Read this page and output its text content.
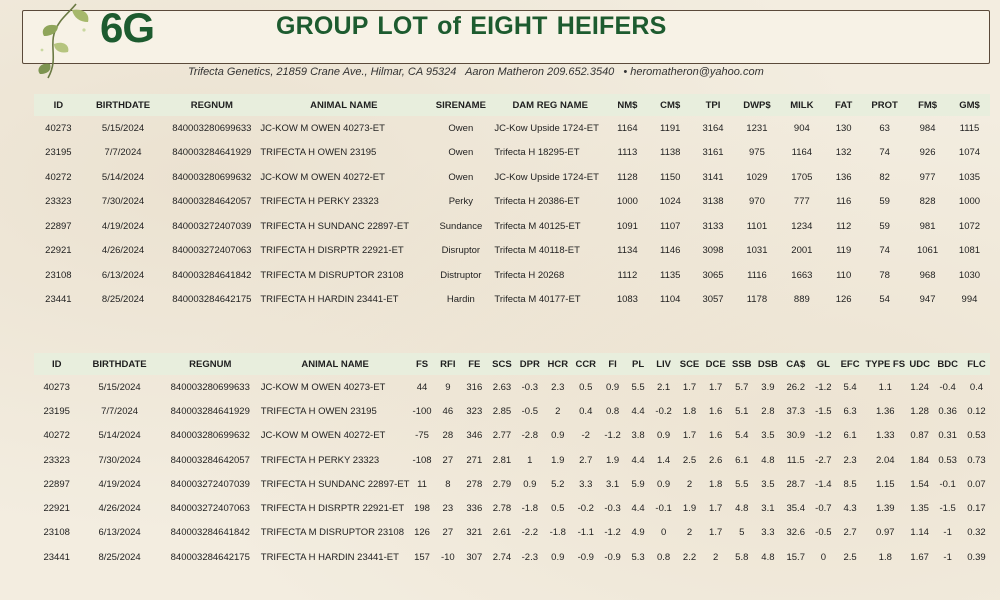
6G	GROUP LOT of EIGHT HEIFERS
Trifecta Genetics, 21859 Crane Ave., Hilmar, CA 95324 Aaron Matheron 209.652.3540 • heromatheron@yahoo.com
ID	BIRTHDATE	REGNUM	ANIMAL NAME	SIRENAME	DAM REG NAME	NM$	CM$	TPI	DWP$	MILK	FAT	PROT	FM$	GM$
40273	5/15/2024	840003280699633	JC-KOW M OWEN 40273-ET	Owen	JC-Kow Upside 1724-ET	1164	1191	3164	1231	904	130	63	984	1115
23195	7/7/2024	840003284641929	TRIFECTA H OWEN 23195	Owen	Trifecta H 18295-ET	1113	1138	3161	975	1164	132	74	926	1074
40272	5/14/2024	840003280699632	JC-KOW M OWEN 40272-ET	Owen	JC-Kow Upside 1724-ET	1128	1150	3141	1029	1705	136	82	977	1035
23323	7/30/2024	840003284642057	TRIFECTA H PERKY 23323	Perky	Trifecta H 20386-ET	1000	1024	3138	970	777	116	59	828	1000
22897	4/19/2024	840003272407039	TRIFECTA H SUNDANC 22897-ET	Sundance	Trifecta M 40125-ET	1091	1107	3133	1101	1234	112	59	981	1072
22921	4/26/2024	840003272407063	TRIFECTA H DISRPTR 22921-ET	Disruptor	Trifecta M 40118-ET	1134	1146	3098	1031	2001	119	74	1061	1081
23108	6/13/2024	840003284641842	TRIFECTA M DISRUPTOR 23108	Distruptor	Trifecta H 20268	1112	1135	3065	1116	1663	110	78	968	1030
23441	8/25/2024	840003284642175	TRIFECTA H HARDIN 23441-ET	Hardin	Trifecta M 40177-ET	1083	1104	3057	1178	889	126	54	947	994
ID	BIRTHDATE	REGNUM	ANIMAL NAME	FS	RFI	FE	SCS	DPR	HCR	CCR	FI	PL	LIV	SCE	DCE	SSB	DSB	CA$	GL	EFC	TYPE FS	UDC	BDC	FLC
40273	5/15/2024	840003280699633	JC-KOW M OWEN 40273-ET	44	9	316	2.63	-0.3	2.3	0.5	0.9	5.5	2.1	1.7	1.7	5.7	3.9	26.2	-1.2	5.4	1.1	1.24	-0.4	0.4
23195	7/7/2024	840003284641929	TRIFECTA H OWEN 23195	-100	46	323	2.85	-0.5	2	0.4	0.8	4.4	-0.2	1.8	1.6	5.1	2.8	37.3	-1.5	6.3	1.36	1.28	0.36	0.12
40272	5/14/2024	840003280699632	JC-KOW M OWEN 40272-ET	-75	28	346	2.77	-2.8	0.9	-2	-1.2	3.8	0.9	1.7	1.6	5.4	3.5	30.9	-1.2	6.1	1.33	0.87	0.31	0.53
23323	7/30/2024	840003284642057	TRIFECTA H PERKY 23323	-108	27	271	2.81	1	1.9	2.7	1.9	4.4	1.4	2.5	2.6	6.1	4.8	11.5	-2.7	2.3	2.04	1.84	0.53	0.73
22897	4/19/2024	840003272407039	TRIFECTA H SUNDANC 22897-ET	11	8	278	2.79	0.9	5.2	3.3	3.1	5.9	0.9	2	1.8	5.5	3.5	28.7	-1.4	8.5	1.15	1.54	-0.1	0.07
22921	4/26/2024	840003272407063	TRIFECTA H DISRPTR 22921-ET	198	23	336	2.78	-1.8	0.5	-0.2	-0.3	4.4	-0.1	1.9	1.7	4.8	3.1	35.4	-0.7	4.3	1.39	1.35	-1.5	0.17
23108	6/13/2024	840003284641842	TRIFECTA M DISRUPTOR 23108	126	27	321	2.61	-2.2	-1.8	-1.1	-1.2	4.9	0	2	1.7	5	3.3	32.6	-0.5	2.7	0.97	1.14	-1	0.32
23441	8/25/2024	840003284642175	TRIFECTA H HARDIN 23441-ET	157	-10	307	2.74	-2.3	0.9	-0.9	-0.9	5.3	0.8	2.2	2	5.8	4.8	15.7	0	2.5	1.8	1.67	-1	0.39
